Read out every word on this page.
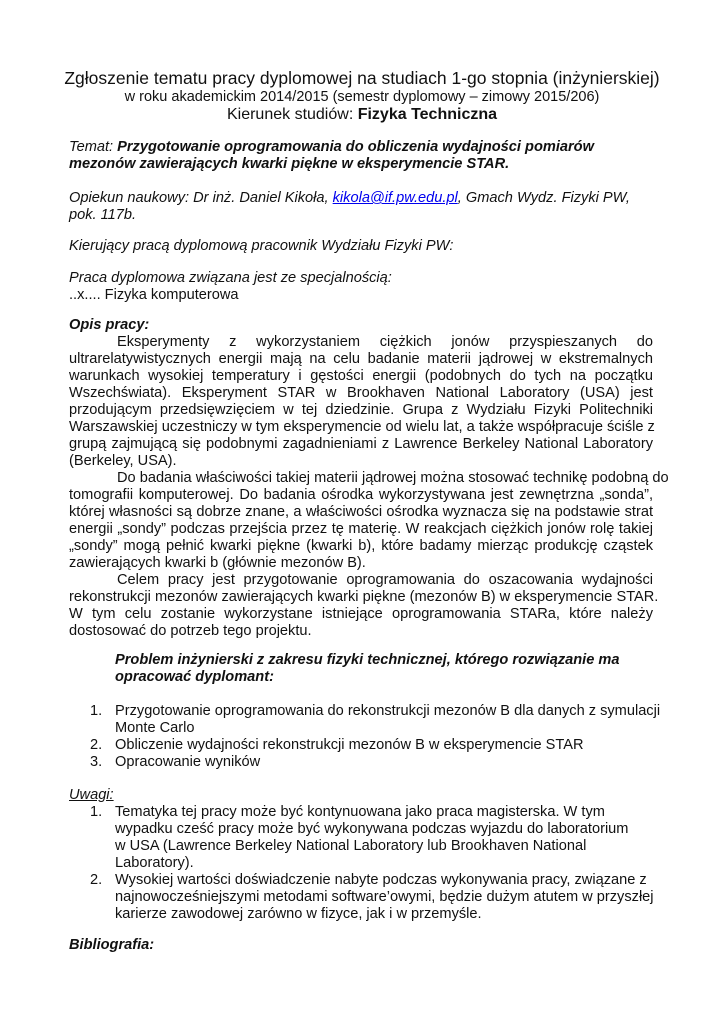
Zgłoszenie tematu pracy dyplomowej na studiach 1-go stopnia (inżynierskiej)
w roku akademickim 2014/2015 (semestr dyplomowy – zimowy 2015/206)
Kierunek studiów: Fizyka Techniczna
Temat: Przygotowanie oprogramowania do obliczenia wydajności pomiarów
mezonów zawierających kwarki piękne w eksperymencie STAR.
Opiekun naukowy: Dr inż. Daniel Kikoła, kikola@if.pw.edu.pl, Gmach Wydz. Fizyki PW,
pok. 117b.
Kierujący pracą dyplomową pracownik Wydziału Fizyki PW:
Praca dyplomowa związana jest ze specjalnością:
..x.... Fizyka komputerowa
Opis pracy:
Eksperymenty z wykorzystaniem ciężkich jonów przyspieszanych do
ultrarelatywistycznych energii mają na celu badanie materii jądrowej w ekstremalnych
warunkach wysokiej temperatury i gęstości energii (podobnych do tych na początku
Wszechświata). Eksperyment STAR w Brookhaven National Laboratory (USA) jest
przodującym przedsięwzięciem w tej dziedzinie. Grupa z Wydziału Fizyki Politechniki
Warszawskiej uczestniczy w tym eksperymencie od wielu lat, a także współpracuje ściśle z
grupą zajmującą się podobnymi zagadnieniami z Lawrence Berkeley National Laboratory
(Berkeley, USA).
Do badania właściwości takiej materii jądrowej można stosować technikę podobną do
tomografii komputerowej. Do badania ośrodka wykorzystywana jest zewnętrzna „sonda”,
której własności są dobrze znane, a właściwości ośrodka wyznacza się na podstawie strat
energii „sondy” podczas przejścia przez tę materię. W reakcjach ciężkich jonów rolę takiej
„sondy” mogą pełnić kwarki piękne (kwarki b), które badamy mierząc produkcję cząstek
zawierających kwarki b (głównie mezonów B).
Celem pracy jest przygotowanie oprogramowania do oszacowania wydajności
rekonstrukcji mezonów zawierających kwarki piękne (mezonów B) w eksperymencie STAR.
W tym celu zostanie wykorzystane istniejące oprogramowania STARa, które należy
dostosować do potrzeb tego projektu.
Problem inżynierski z zakresu fizyki technicznej, którego rozwiązanie ma
opracować dyplomant:
1. Przygotowanie oprogramowania do rekonstrukcji mezonów B dla danych z symulacji
Monte Carlo
2. Obliczenie wydajności rekonstrukcji mezonów B w eksperymencie STAR
3. Opracowanie wyników
Uwagi:
1. Tematyka tej pracy może być kontynuowana jako praca magisterska. W tym
wypadku cześć pracy może być wykonywana podczas wyjazdu do laboratorium
w USA (Lawrence Berkeley National Laboratory lub Brookhaven National
Laboratory).
2. Wysokiej wartości doświadczenie nabyte podczas wykonywania pracy, związane z
najnowocześniejszymi metodami software’owymi, będzie dużym atutem w przyszłej
karierze zawodowej zarówno w fizyce, jak i w przemyśle.
Bibliografia:
